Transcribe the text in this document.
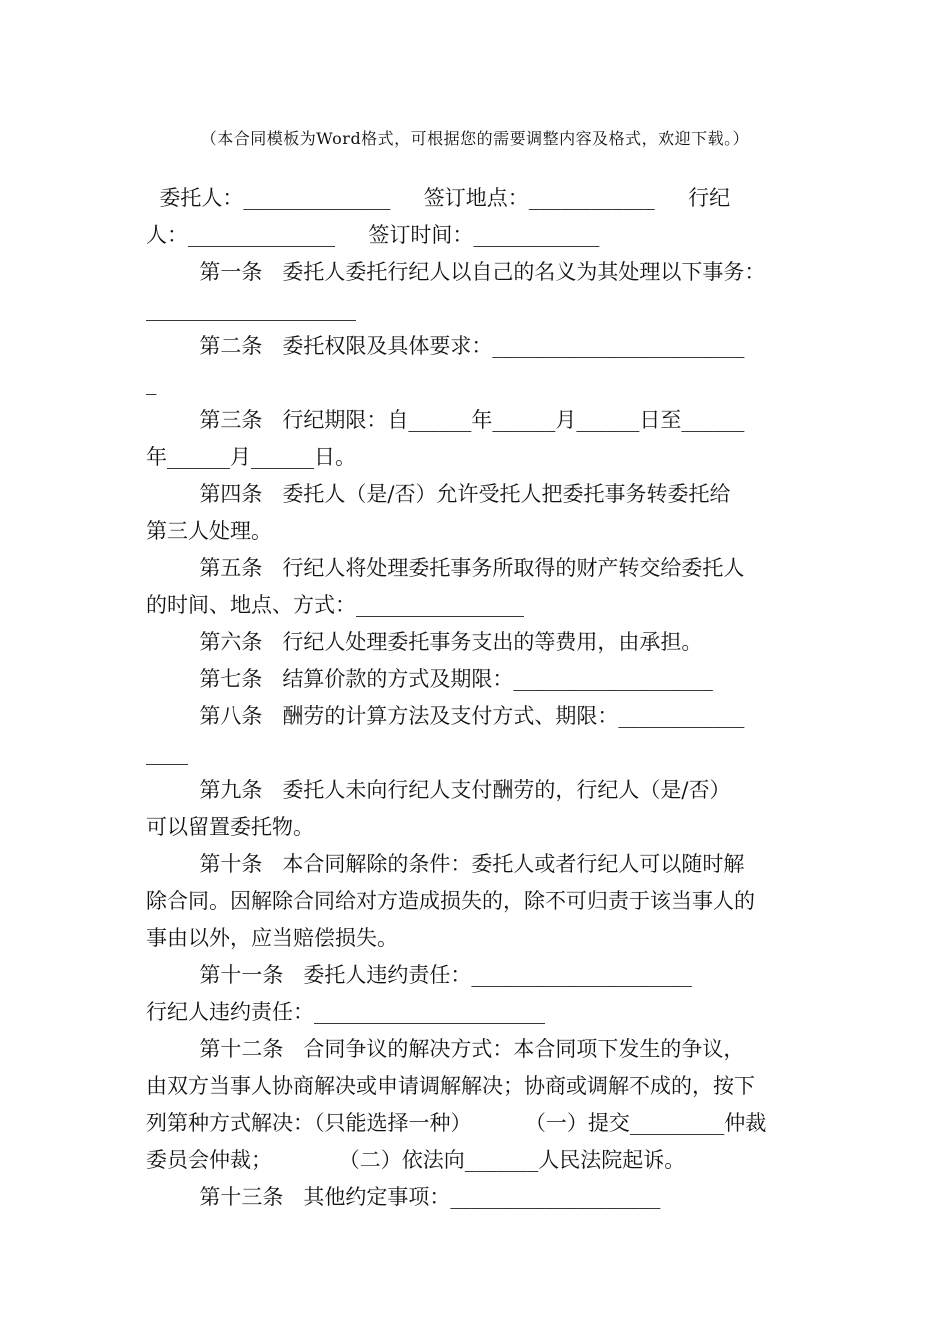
（本合同模板为Word格式，可根据您的需要调整内容及格式，欢迎下载。）
委托人：______________     签订地点：____________     行纪
人：______________     签订时间：____________
第一条   委托人委托行纪人以自己的名义为其处理以下事务：
____________________
第二条   委托权限及具体要求：________________________
_
第三条   行纪期限：自______年______月______日至______
年______月______日。
第四条   委托人（是/否）允许受托人把委托事务转委托给
第三人处理。
第五条   行纪人将处理委托事务所取得的财产转交给委托人
的时间、地点、方式：________________
第六条   行纪人处理委托事务支出的等费用，由承担。
第七条   结算价款的方式及期限：___________________
第八条   酬劳的计算方法及支付方式、期限：____________
____
第九条   委托人未向行纪人支付酬劳的，行纪人（是/否）
可以留置委托物。
第十条   本合同解除的条件：委托人或者行纪人可以随时解
除合同。因解除合同给对方造成损失的，除不可归责于该当事人的
事由以外，应当赔偿损失。
第十一条   委托人违约责任：_____________________
行纪人违约责任：______________________
第十二条   合同争议的解决方式：本合同项下发生的争议，
由双方当事人协商解决或申请调解解决；协商或调解不成的，按下
列第种方式解决：（只能选择一种）        （一）提交_________仲裁
委员会仲裁；          （二）依法向_______人民法院起诉。
第十三条   其他约定事项：____________________
